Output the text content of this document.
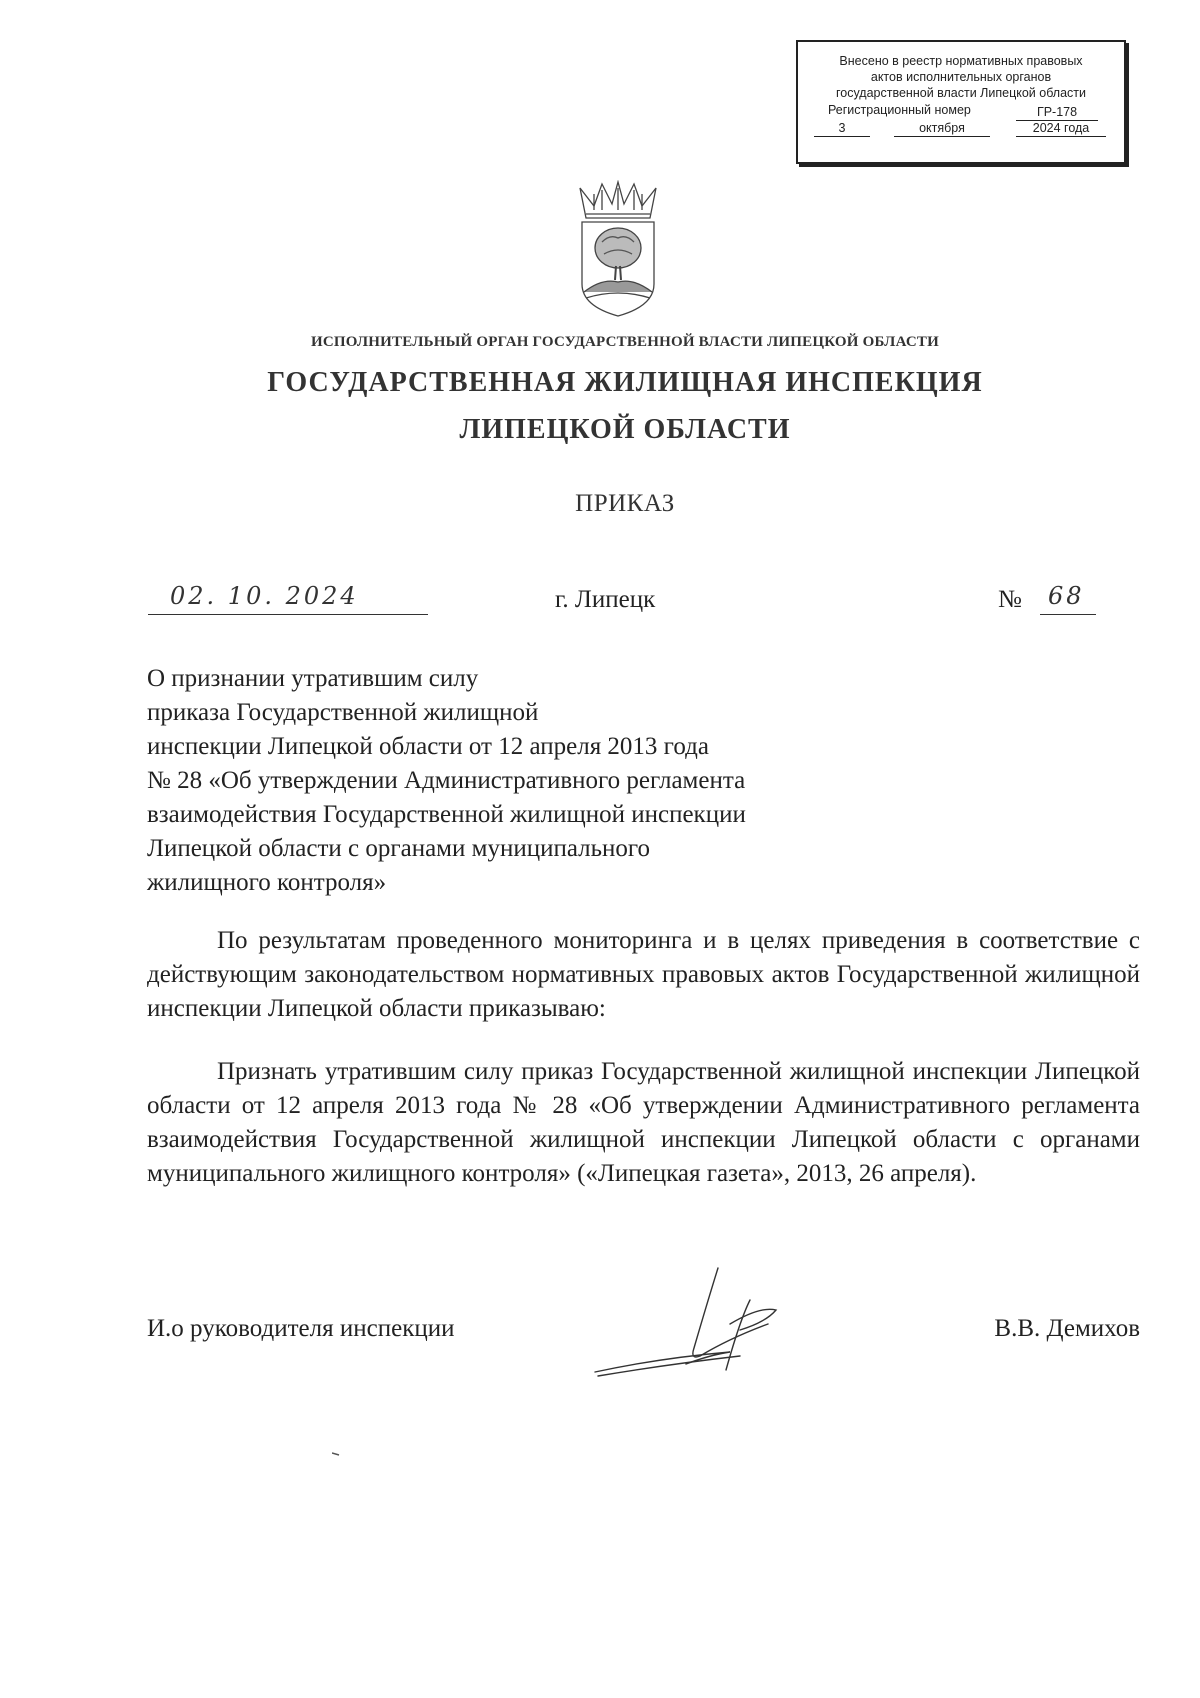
Внесено в реестр нормативных правовых
актов исполнительных органов
государственной власти Липецкой области
Регистрационный номер	ГР-178
3	октября	2024 года
ИСПОЛНИТЕЛЬНЫЙ ОРГАН ГОСУДАРСТВЕННОЙ ВЛАСТИ ЛИПЕЦКОЙ ОБЛАСТИ
ГОСУДАРСТВЕННАЯ ЖИЛИЩНАЯ ИНСПЕКЦИЯ
ЛИПЕЦКОЙ ОБЛАСТИ
ПРИКАЗ
02. 10. 2024	г. Липецк	№ 68
О признании утратившим силу
приказа Государственной жилищной
инспекции Липецкой области от 12 апреля 2013 года
№ 28 «Об утверждении Административного регламента
взаимодействия Государственной жилищной инспекции
Липецкой области с органами муниципального
жилищного контроля»
По результатам проведенного мониторинга и в целях приведения в соответствие с действующим законодательством нормативных правовых актов Государственной жилищной инспекции Липецкой области приказываю:
Признать утратившим силу приказ Государственной жилищной инспекции Липецкой области от 12 апреля 2013 года № 28 «Об утверждении Административного регламента взаимодействия Государственной жилищной инспекции Липецкой области с органами муниципального жилищного контроля» («Липецкая газета», 2013, 26 апреля).
И.о руководителя инспекции	В.В. Демихов
